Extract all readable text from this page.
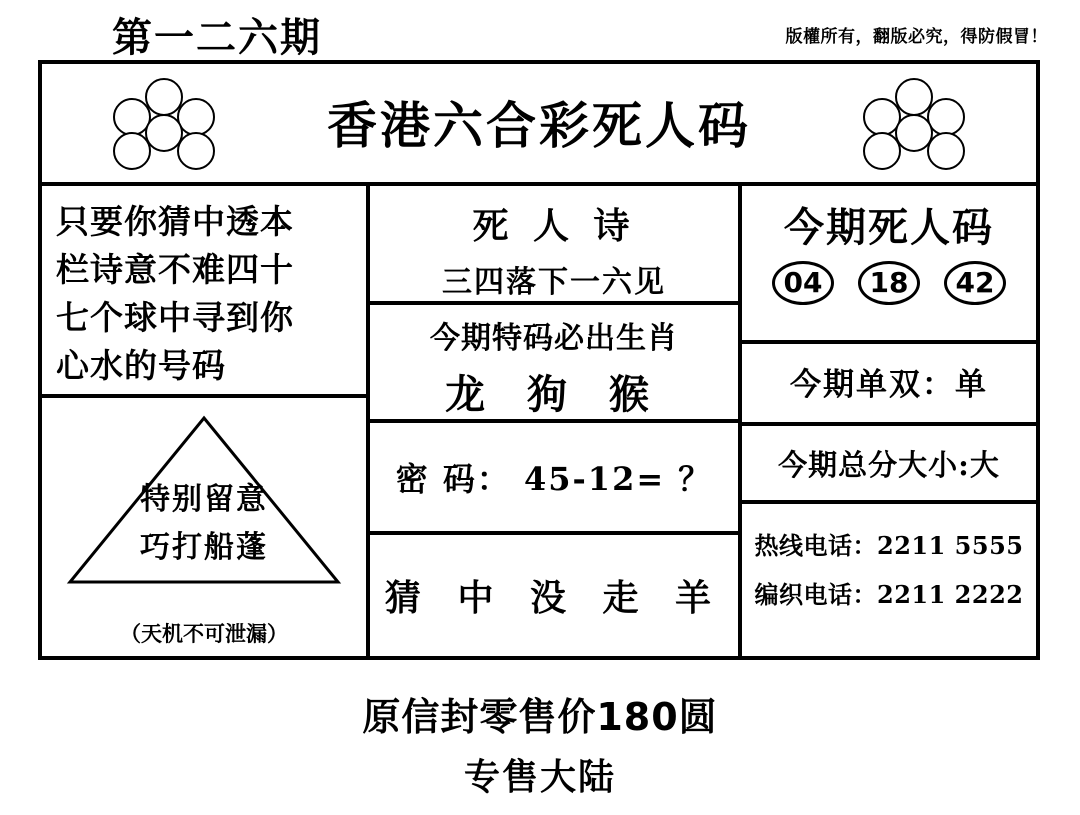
第一二六期	版權所有，翻版必究，得防假冒！
香港六合彩死人码
只要你猜中透本
栏诗意不难四十
七个球中寻到你
心水的号码
特别留意
巧打船蓬
（天机不可泄漏）
死 人 诗
三四落下一六见
今期特码必出生肖
龙 狗 猴
密 码： 45-12= ？
猜 中 没 走 羊
今期死人码
04	18	42
今期单双：单
今期总分大小:大
热线电话：2211 5555
编织电话：2211 2222
原信封零售价180圆
专售大陆
